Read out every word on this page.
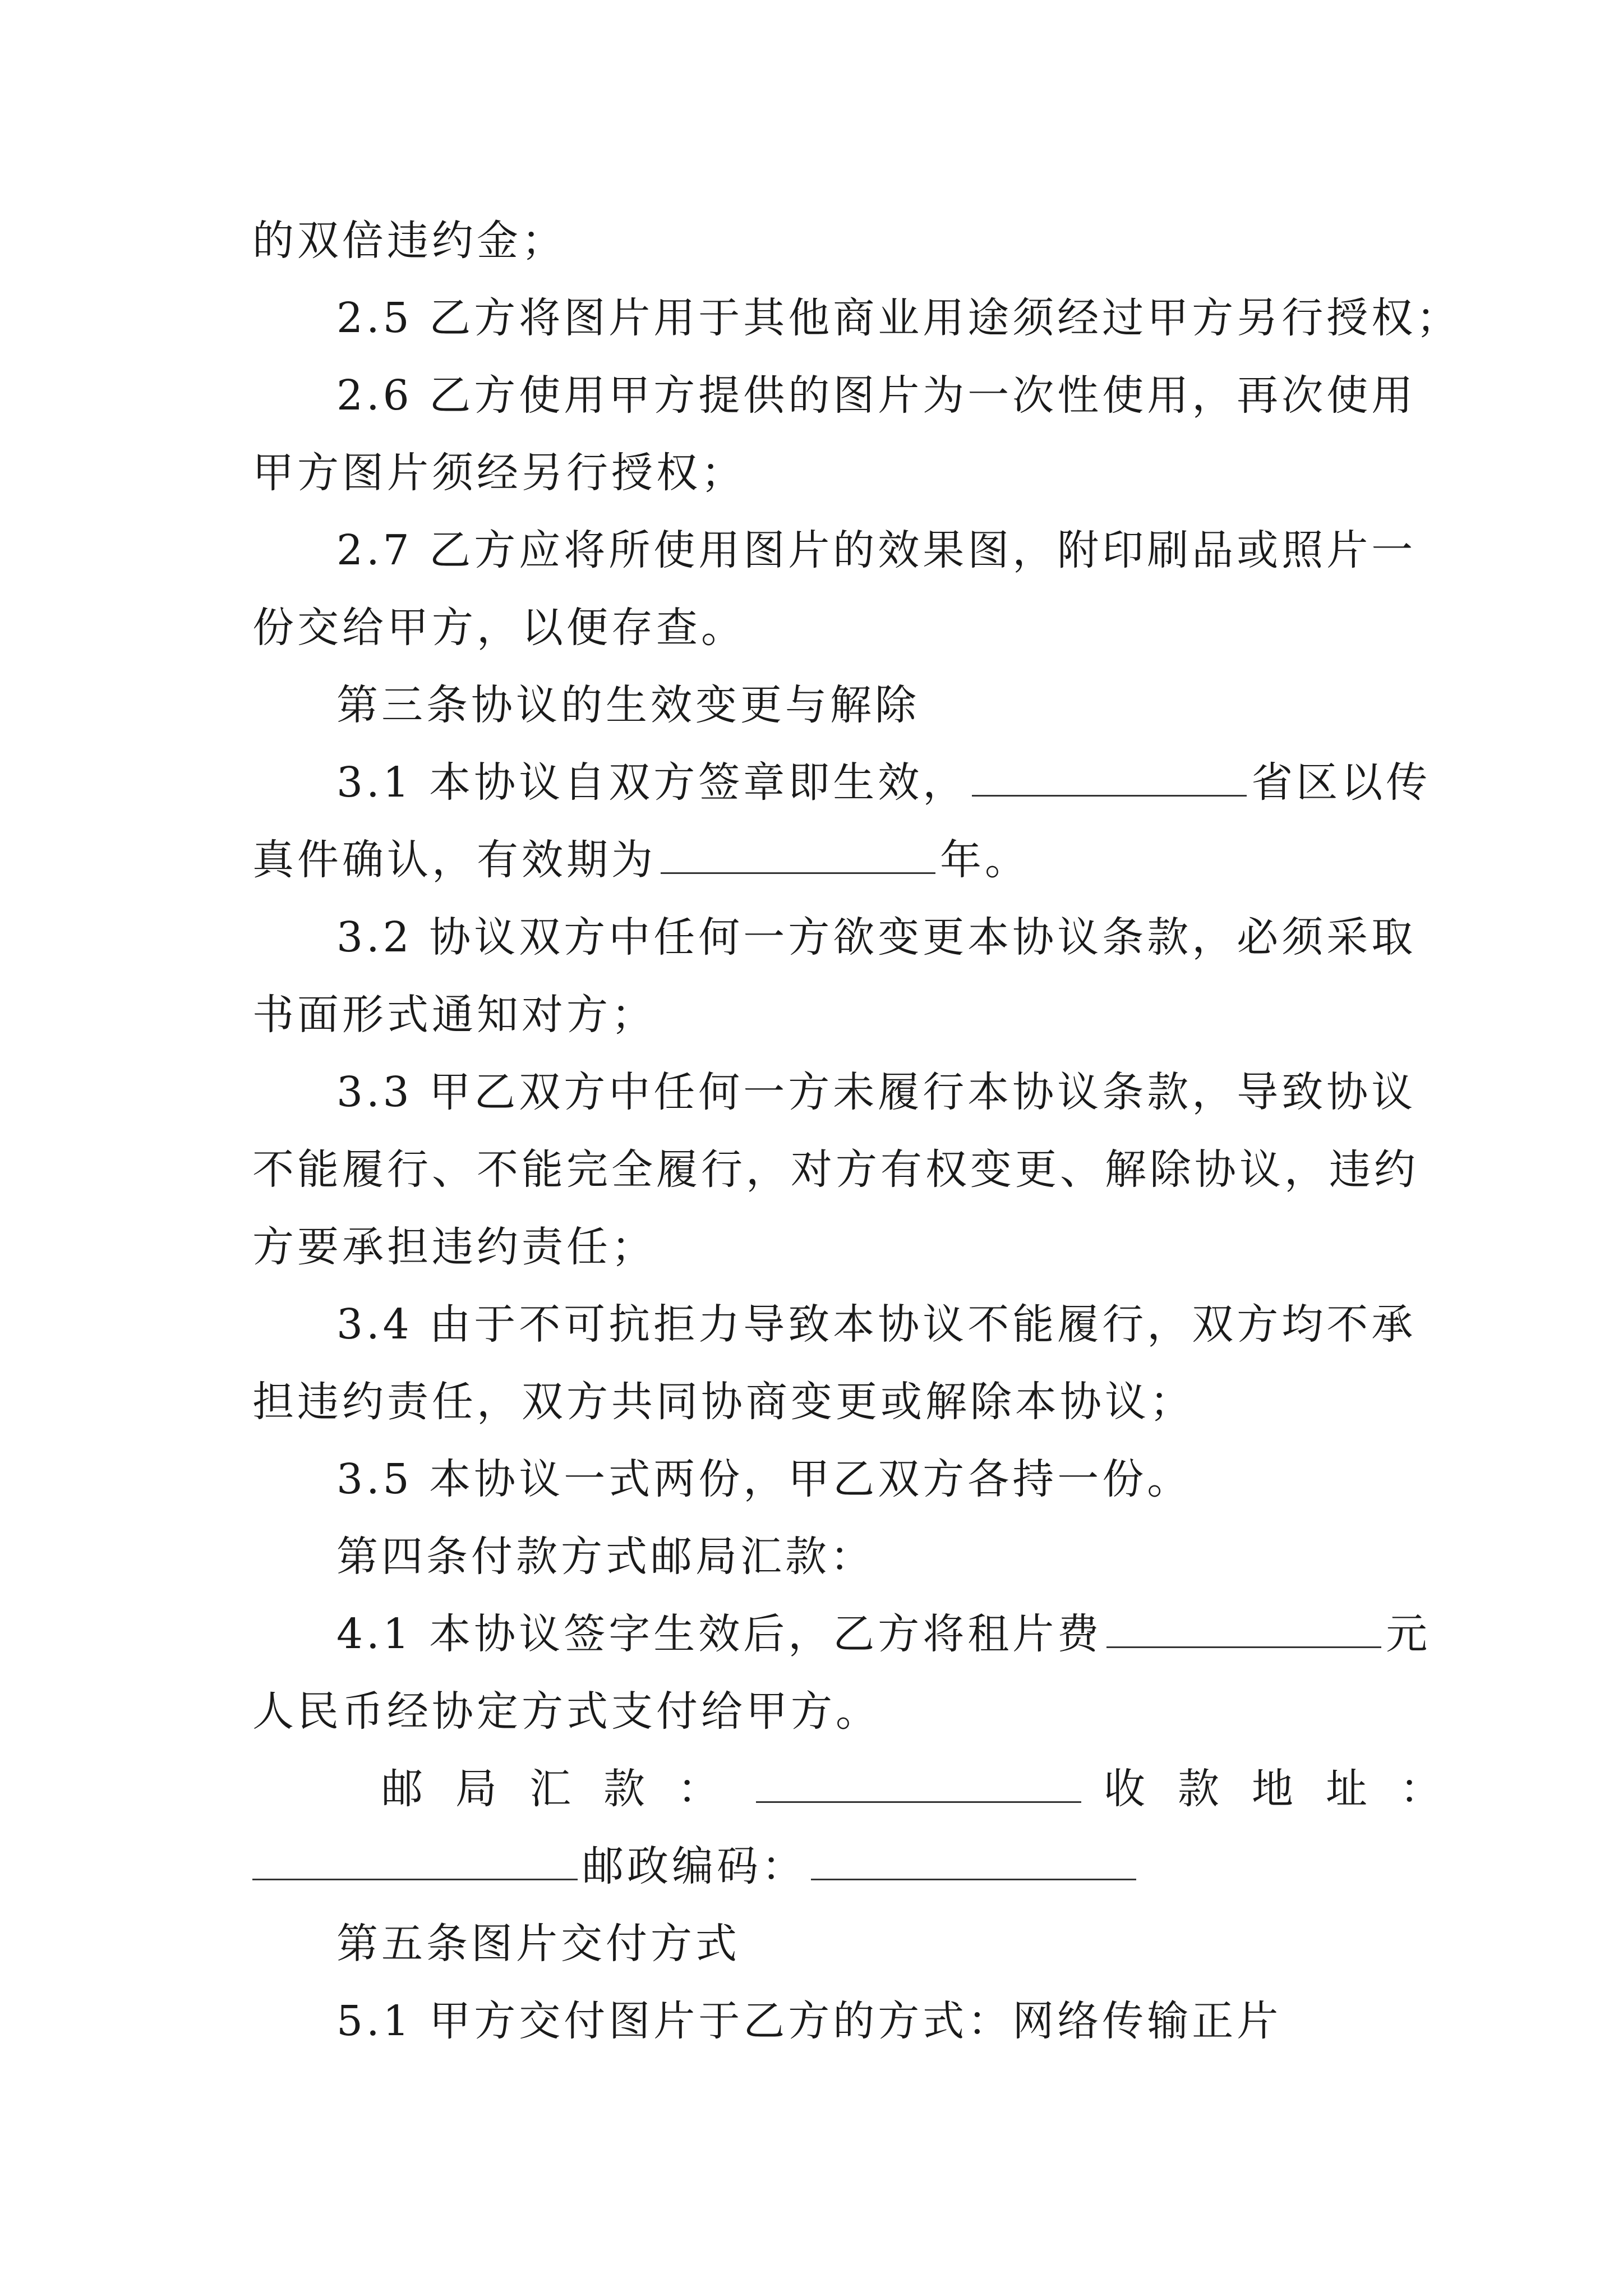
的双倍违约金；
2.5 乙方将图片用于其他商业用途须经过甲方另行授权；
2.6 乙方使用甲方提供的图片为一次性使用，再次使用
甲方图片须经另行授权；
2.7 乙方应将所使用图片的效果图，附印刷品或照片一
份交给甲方，以便存查。
第三条协议的生效变更与解除
3.1 本协议自双方签章即生效，	省区以传
真件确认，有效期为	年。
3.2 协议双方中任何一方欲变更本协议条款，必须采取
书面形式通知对方；
3.3 甲乙双方中任何一方未履行本协议条款，导致协议
不能履行、不能完全履行，对方有权变更、解除协议，违约
方要承担违约责任；
3.4 由于不可抗拒力导致本协议不能履行，双方均不承
担违约责任，双方共同协商变更或解除本协议；
3.5 本协议一式两份，甲乙双方各持一份。
第四条付款方式邮局汇款：
4.1 本协议签字生效后，乙方将租片费	元
人民币经协定方式支付给甲方。
邮局汇款：	收款地址：
邮政编码：
第五条图片交付方式
5.1 甲方交付图片于乙方的方式：网络传输正片
